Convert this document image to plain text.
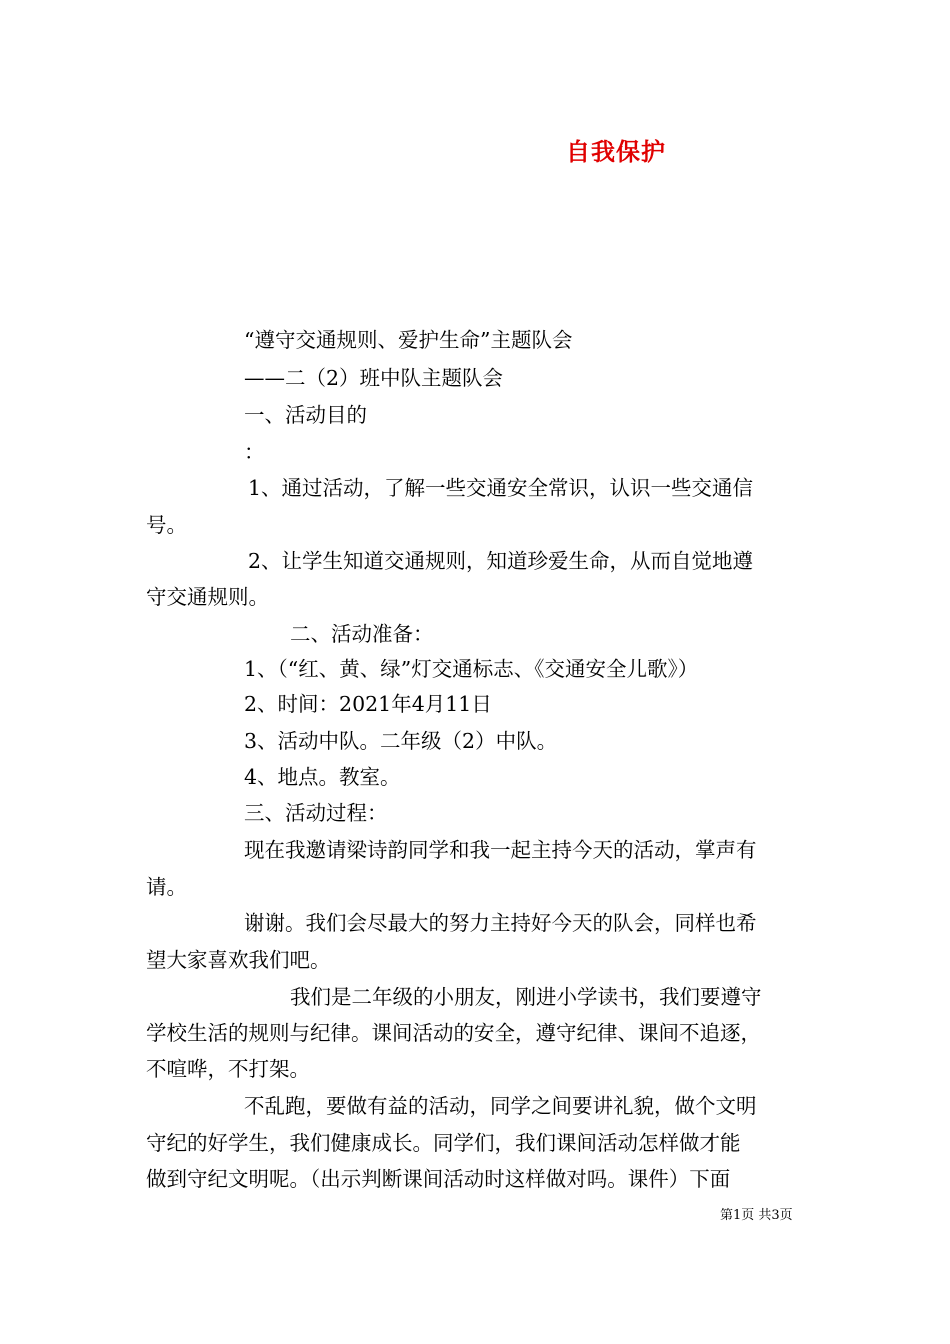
自我保护
“遵守交通规则、爱护生命”主题队会
——二（2）班中队主题队会
一、活动目的
：
1、通过活动，了解一些交通安全常识，认识一些交通信
号。
2、让学生知道交通规则，知道珍爱生命，从而自觉地遵
守交通规则。
二、活动准备：
1、（“红、黄、绿”灯交通标志、《交通安全儿歌》）
2、时间：2021年4月11日
3、活动中队。二年级（2）中队。
4、地点。教室。
三、活动过程：
现在我邀请梁诗韵同学和我一起主持今天的活动，掌声有
请。
谢谢。我们会尽最大的努力主持好今天的队会，同样也希
望大家喜欢我们吧。
我们是二年级的小朋友，刚进小学读书，我们要遵守
学校生活的规则与纪律。课间活动的安全，遵守纪律、课间不追逐，
不喧哗，不打架。
不乱跑，要做有益的活动，同学之间要讲礼貌，做个文明
守纪的好学生，我们健康成长。同学们，我们课间活动怎样做才能
做到守纪文明呢。（出示判断课间活动时这样做对吗。课件）下面
第1页 共3页
